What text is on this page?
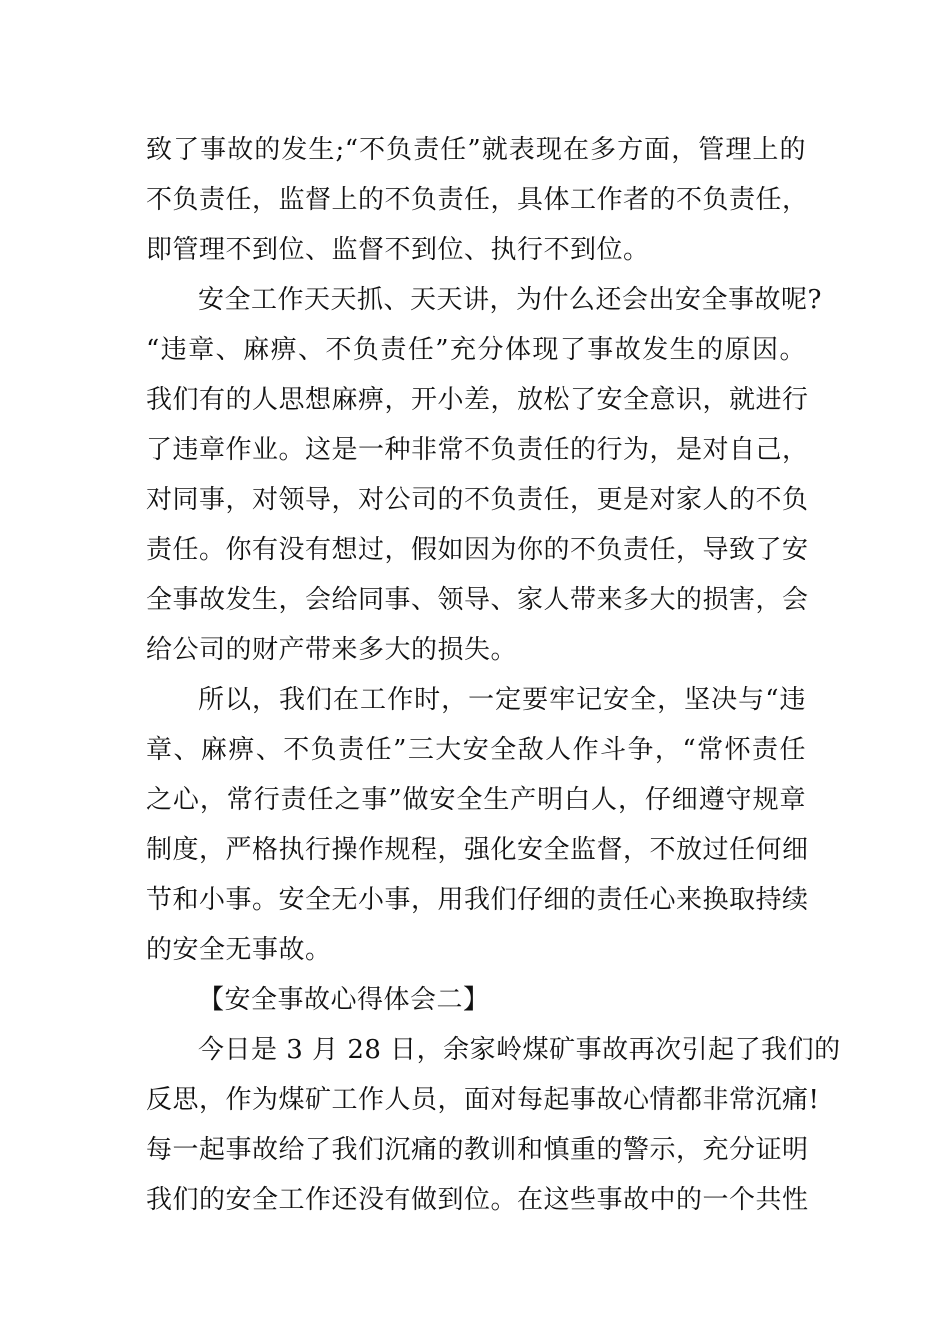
致了事故的发生;“不负责任”就表现在多方面，管理上的
不负责任，监督上的不负责任，具体工作者的不负责任，
即管理不到位、监督不到位、执行不到位。
安全工作天天抓、天天讲，为什么还会出安全事故呢?
“违章、麻痹、不负责任”充分体现了事故发生的原因。
我们有的人思想麻痹，开小差，放松了安全意识，就进行
了违章作业。这是一种非常不负责任的行为，是对自己，
对同事，对领导，对公司的不负责任，更是对家人的不负
责任。你有没有想过，假如因为你的不负责任，导致了安
全事故发生，会给同事、领导、家人带来多大的损害，会
给公司的财产带来多大的损失。
所以，我们在工作时，一定要牢记安全，坚决与“违
章、麻痹、不负责任”三大安全敌人作斗争，“常怀责任
之心，常行责任之事”做安全生产明白人，仔细遵守规章
制度，严格执行操作规程，强化安全监督，不放过任何细
节和小事。安全无小事，用我们仔细的责任心来换取持续
的安全无事故。
【安全事故心得体会二】
今日是 3 月 28 日，余家岭煤矿事故再次引起了我们的
反思，作为煤矿工作人员，面对每起事故心情都非常沉痛!
每一起事故给了我们沉痛的教训和慎重的警示，充分证明
我们的安全工作还没有做到位。在这些事故中的一个共性
